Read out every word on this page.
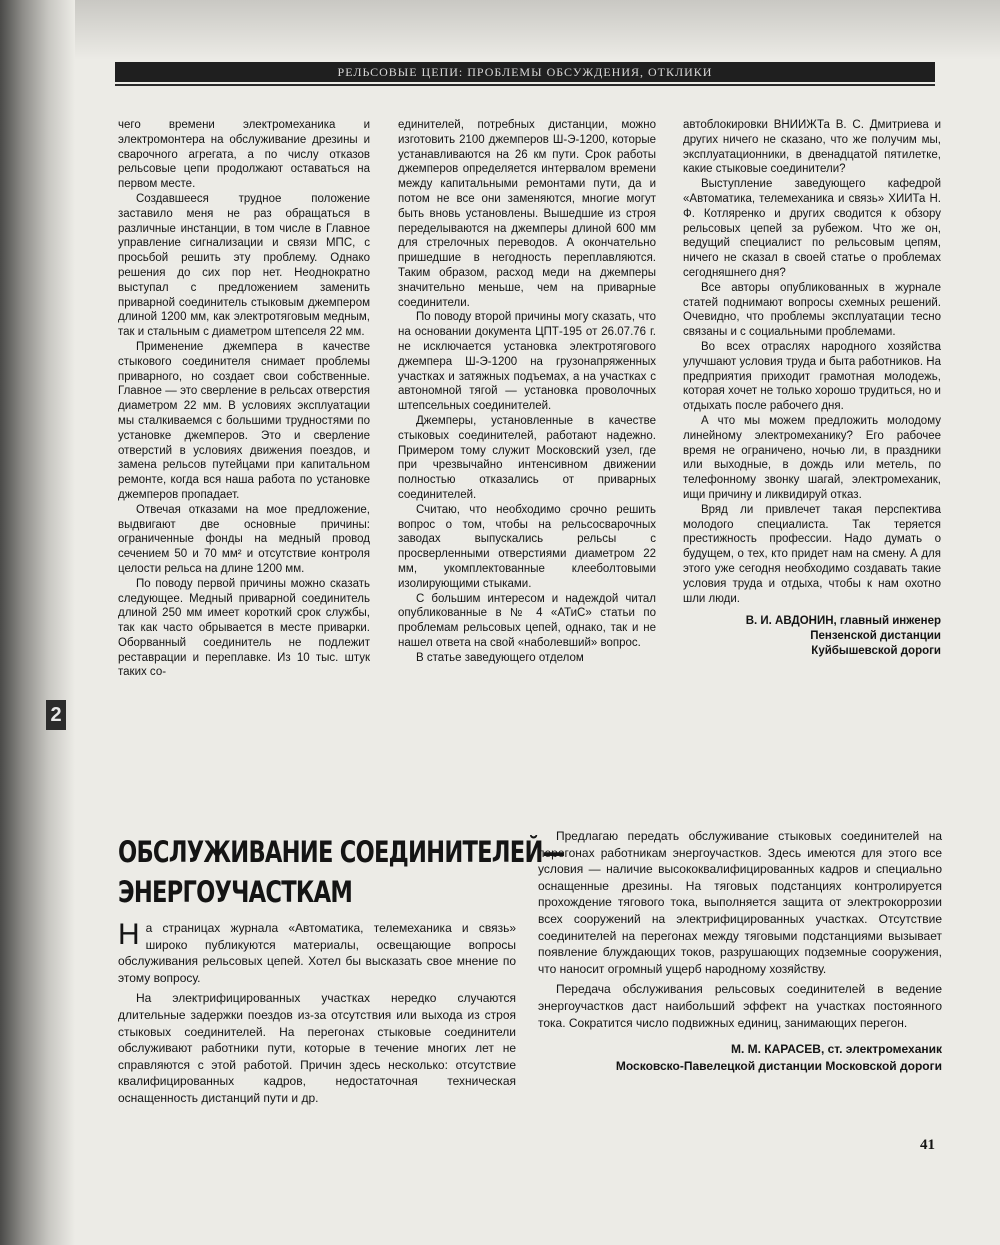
РЕЛЬСОВЫЕ ЦЕПИ: ПРОБЛЕМЫ ОБСУЖДЕНИЯ, ОТКЛИКИ
2

чего времени электромеханика и электромонтера на обслуживание дрезины и сварочного агрегата, а по числу отказов рельсовые цепи продолжают оставаться на первом месте.

Создавшееся трудное положение заставило меня не раз обращаться в различные инстанции, в том числе в Главное управление сигнализации и связи МПС, с просьбой решить эту проблему. Однако решения до сих пор нет. Неоднократно выступал с предложением заменить приварной соединитель стыковым джемпером длиной 1200 мм, как электротяговым медным, так и стальным с диаметром штепселя 22 мм.

Применение джемпера в качестве стыкового соединителя снимает проблемы приварного, но создает свои собственные. Главное — это сверление в рельсах отверстия диаметром 22 мм. В условиях эксплуатации мы сталкиваемся с большими трудностями по установке джемперов. Это и сверление отверстий в условиях движения поездов, и замена рельсов путейцами при капитальном ремонте, когда вся наша работа по установке джемперов пропадает.

Отвечая отказами на мое предложение, выдвигают две основные причины: ограниченные фонды на медный провод сечением 50 и 70 мм² и отсутствие контроля целости рельса на длине 1200 мм.

По поводу первой причины можно сказать следующее. Медный приварной соединитель длиной 250 мм имеет короткий срок службы, так как часто обрывается в месте приварки. Оборванный соединитель не подлежит реставрации и переплавке. Из 10 тыс. штук таких со-

единителей, потребных дистанции, можно изготовить 2100 джемперов Ш-Э-1200, которые устанавливаются на 26 км пути. Срок работы джемперов определяется интервалом времени между капитальными ремонтами пути, да и потом не все они заменяются, многие могут быть вновь установлены. Вышедшие из строя переделываются на джемперы длиной 600 мм для стрелочных переводов. А окончательно пришедшие в негодность переплавляются. Таким образом, расход меди на джемперы значительно меньше, чем на приварные соединители.

По поводу второй причины могу сказать, что на основании документа ЦПТ-195 от 26.07.76 г. не исключается установка электротягового джемпера Ш-Э-1200 на грузонапряженных участках и затяжных подъемах, а на участках с автономной тягой — установка проволочных штепсельных соединителей.

Джемперы, установленные в качестве стыковых соединителей, работают надежно. Примером тому служит Московский узел, где при чрезвычайно интенсивном движении полностью отказались от приварных соединителей.

Считаю, что необходимо срочно решить вопрос о том, чтобы на рельсосварочных заводах выпускались рельсы с просверленными отверстиями диаметром 22 мм, укомплектованные клееболтовыми изолирующими стыками.

С большим интересом и надеждой читал опубликованные в № 4 «АТиС» статьи по проблемам рельсовых цепей, однако, так и не нашел ответа на свой «наболевший» вопрос.

В статье заведующего отделом

автоблокировки ВНИИЖТа В. С. Дмитриева и других ничего не сказано, что же получим мы, эксплуатационники, в двенадцатой пятилетке, какие стыковые соединители?

Выступление заведующего кафедрой «Автоматика, телемеханика и связь» ХИИТа Н. Ф. Котляренко и других сводится к обзору рельсовых цепей за рубежом. Что же он, ведущий специалист по рельсовым цепям, ничего не сказал в своей статье о проблемах сегодняшнего дня?

Все авторы опубликованных в журнале статей поднимают вопросы схемных решений. Очевидно, что проблемы эксплуатации тесно связаны и с социальными проблемами.

Во всех отраслях народного хозяйства улучшают условия труда и быта работников. На предприятия приходит грамотная молодежь, которая хочет не только хорошо трудиться, но и отдыхать после рабочего дня.

А что мы можем предложить молодому линейному электромеханику? Его рабочее время не ограничено, ночью ли, в праздники или выходные, в дождь или метель, по телефонному звонку шагай, электромеханик, ищи причину и ликвидируй отказ.

Вряд ли привлечет такая перспектива молодого специалиста. Так теряется престижность профессии. Надо думать о будущем, о тех, кто придет нам на смену. А для этого уже сегодня необходимо создавать такие условия труда и отдыха, чтобы к нам охотно шли люди.

В. И. АВДОНИН, главный инженер

Пензенской дистанции

Куйбышевской дороги

ОБСЛУЖИВАНИЕ СОЕДИНИТЕЛЕЙ—
ЭНЕРГОУЧАСТКАМ

На страницах журнала «Автоматика, телемеханика и связь» широко публикуются материалы, освещающие вопросы обслуживания рельсовых цепей. Хотел бы высказать свое мнение по этому вопросу.

На электрифицированных участках нередко случаются длительные задержки поездов из-за отсутствия или выхода из строя стыковых соединителей. На перегонах стыковые соединители обслуживают работники пути, которые в течение многих лет не справляются с этой работой. Причин здесь несколько: отсутствие квалифицированных кадров, недостаточная техническая оснащенность дистанций пути и др.

Предлагаю передать обслуживание стыковых соединителей на перегонах работникам энергоучастков. Здесь имеются для этого все условия — наличие высококвалифицированных кадров и специально оснащенные дрезины. На тяговых подстанциях контролируется прохождение тягового тока, выполняется защита от электрокоррозии всех сооружений на электрифицированных участках. Отсутствие соединителей на перегонах между тяговыми подстанциями вызывает появление блуждающих токов, разрушающих подземные сооружения, что наносит огромный ущерб народному хозяйству.

Передача обслуживания рельсовых соединителей в ведение энергоучастков даст наибольший эффект на участках постоянного тока. Сократится число подвижных единиц, занимающих перегон.

М. М. КАРАСЕВ, ст. электромеханик

Московско-Павелецкой дистанции Московской дороги

41
